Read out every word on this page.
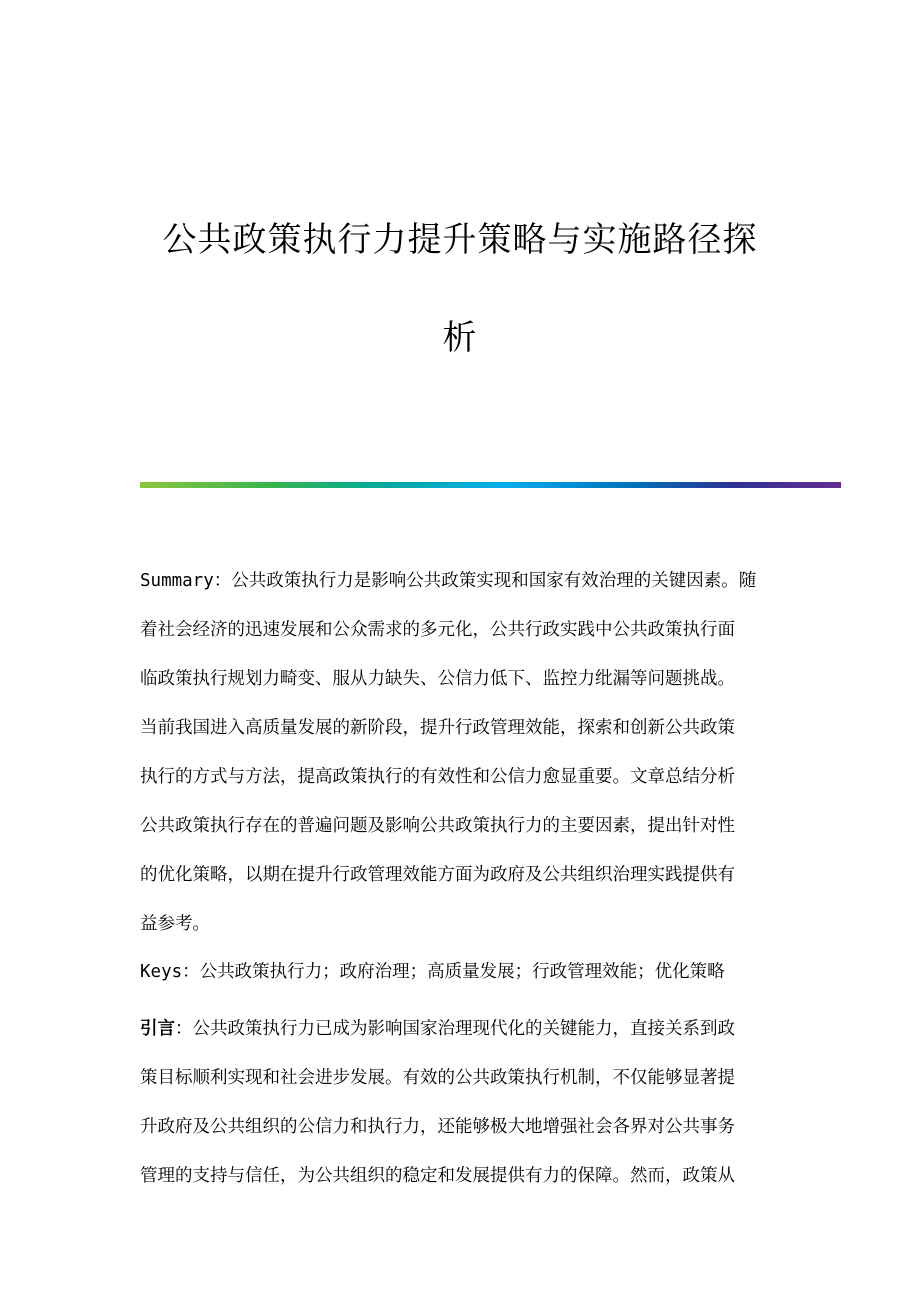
公共政策执行力提升策略与实施路径探
析
Summary：公共政策执行力是影响公共政策实现和国家有效治理的关键因素。随
着社会经济的迅速发展和公众需求的多元化，公共行政实践中公共政策执行面
临政策执行规划力畸变、服从力缺失、公信力低下、监控力纰漏等问题挑战。
当前我国进入高质量发展的新阶段，提升行政管理效能，探索和创新公共政策
执行的方式与方法，提高政策执行的有效性和公信力愈显重要。文章总结分析
公共政策执行存在的普遍问题及影响公共政策执行力的主要因素，提出针对性
的优化策略，以期在提升行政管理效能方面为政府及公共组织治理实践提供有
益参考。
Keys：公共政策执行力；政府治理；高质量发展；行政管理效能；优化策略
引言：公共政策执行力已成为影响国家治理现代化的关键能力，直接关系到政
策目标顺利实现和社会进步发展。有效的公共政策执行机制，不仅能够显著提
升政府及公共组织的公信力和执行力，还能够极大地增强社会各界对公共事务
管理的支持与信任，为公共组织的稳定和发展提供有力的保障。然而，政策从
